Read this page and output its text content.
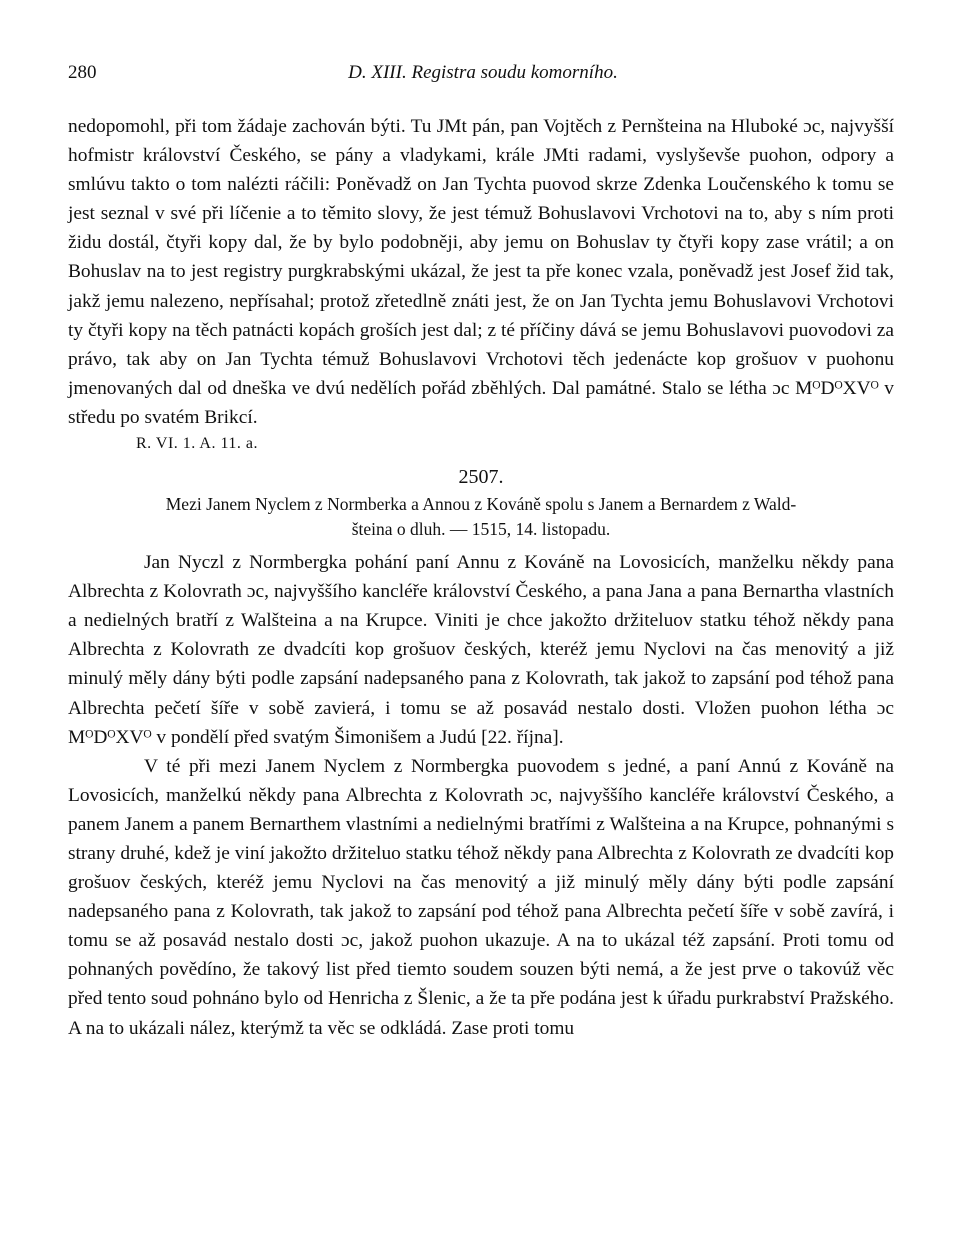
280	D. XIII. Registra soudu komorního.

nedopomohl, při tom žádaje zachován býti. Tu JMt pán, pan Vojtěch z Pernšteina na Hluboké ɔc, najvyšší hofmistr království Českého, se pány a vladykami, krále JMti radami, vyslyševše puohon, odpory a smlúvu takto o tom nalézti ráčili: Poněvadž on Jan Tychta puovod skrze Zdenka Loučenského k tomu se jest seznal v své při líčenie a to těmito slovy, že jest témuž Bohuslavovi Vrchotovi na to, aby s ním proti židu dostál, čtyři kopy dal, že by bylo podobněji, aby jemu on Bohuslav ty čtyři kopy zase vrátil; a on Bohuslav na to jest registry purgkrabskými ukázal, že jest ta pře konec vzala, poněvadž jest Josef žid tak, jakž jemu nalezeno, nepřísahal; protož zřetedlně znáti jest, že on Jan Tychta jemu Bohuslavovi Vrchotovi ty čtyři kopy na těch patnácti kopách groších jest dal; z té příčiny dává se jemu Bohuslavovi puovodovi za právo, tak aby on Jan Tychta témuž Bohuslavovi Vrchotovi těch jedenácte kop grošuov v puohonu jmenovaných dal od dneška ve dvú nedělích pořád zběhlých. Dal památné. Stalo se létha ɔc MᴼDᴼXVᴼ v středu po svatém Brikcí.

R. VI. 1. A. 11. a.

2507.

Mezi Janem Nyclem z Normberka a Annou z Kováně spolu s Janem a Bernardem z Wald-
šteina o dluh. — 1515, 14. listopadu.

Jan Nyczl z Normbergka pohání paní Annu z Kováně na Lovosicích, manželku někdy pana Albrechta z Kolovrath ɔc, najvyššího kancléře království Českého, a pana Jana a pana Bernartha vlastních a nedielných bratří z Walšteina a na Krupce. Viniti je chce jakožto držiteluov statku téhož někdy pana Albrechta z Kolovrath ze dvadcíti kop grošuov českých, kteréž jemu Nyclovi na čas menovitý a již minulý měly dány býti podle zapsání nadepsaného pana z Kolovrath, tak jakož to zapsání pod téhož pana Albrechta pečetí šíře v sobě zavierá, i tomu se až posavád nestalo dosti. Vložen puohon létha ɔc MᴼDᴼXVᴼ v pondělí před svatým Šimonišem a Judú [22. října].

V té při mezi Janem Nyclem z Normbergka puovodem s jedné, a paní Annú z Kováně na Lovosicích, manželkú někdy pana Albrechta z Kolovrath ɔc, najvyššího kancléře království Českého, a panem Janem a panem Bernarthem vlastními a nedielnými bratřími z Walšteina a na Krupce, pohnanými s strany druhé, kdež je viní jakožto držiteluo statku téhož někdy pana Albrechta z Kolovrath ze dvadcíti kop grošuov českých, kteréž jemu Nyclovi na čas menovitý a již minulý měly dány býti podle zapsání nadepsaného pana z Kolovrath, tak jakož to zapsání pod téhož pana Albrechta pečetí šíře v sobě zavírá, i tomu se až posavád nestalo dosti ɔc, jakož puohon ukazuje. A na to ukázal též zapsání. Proti tomu od pohnaných povědíno, že takový list před tiemto soudem souzen býti nemá, a že jest prve o takovúž věc před tento soud pohnáno bylo od Henricha z Šlenic, a že ta pře podána jest k úřadu purkrabství Pražského. A na to ukázali nález, kterýmž ta věc se odkládá. Zase proti tomu
